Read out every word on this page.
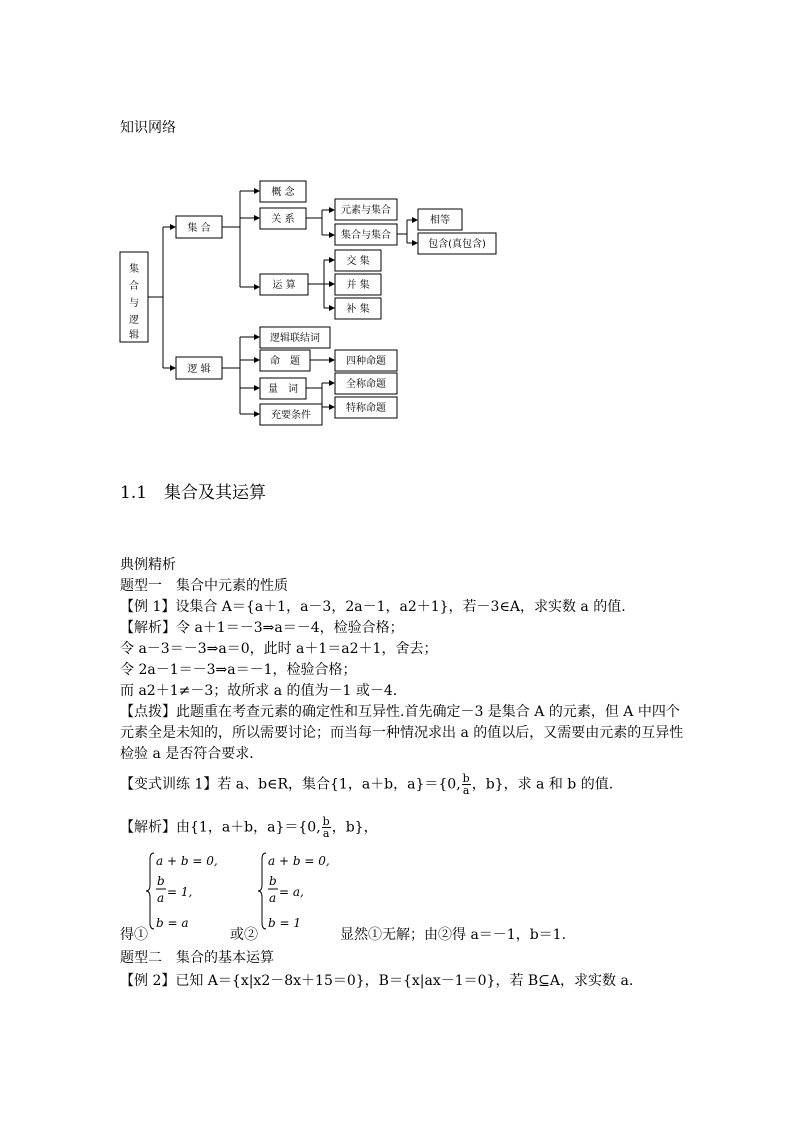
知识网络
集
合
与
逻
辑
集 合
概 念
关 系
元素与集合
集合与集合
相等
包含(真包含)
运 算
交 集
并 集
补 集
逻 辑
逻辑联结词
命　题	四种命题
量　词	全称命题
特称命题
充要条件
1.1　集合及其运算
典例精析
题型一　集合中元素的性质
【例 1】设集合 A＝{a＋1，a－3，2a－1，a2＋1}，若－3∈A，求实数 a 的值.
【解析】令 a＋1＝－3⇒a＝－4，检验合格；
令 a－3＝－3⇒a＝0，此时 a＋1＝a2＋1，舍去；
令 2a－1＝－3⇒a＝－1，检验合格；
而 a2＋1≠－3；故所求 a 的值为－1 或－4.
【点拨】此题重在考查元素的确定性和互异性.首先确定－3 是集合 A 的元素，但 A 中四个
元素全是未知的，所以需要讨论；而当每一种情况求出 a 的值以后，又需要由元素的互异性
检验 a 是否符合要求.
【变式训练 1】若 a、b∈R，集合{1，a＋b，a}＝{0, $\frac{b}{a}$ ，b}，求 a 和 b 的值.
【解析】由{1，a＋b，a}＝{0, $\frac{b}{a}$ ，b}，
a + b = 0,
b
a = 1,
b = a
a + b = 0,
b
a = a,
b = 1
得①	或②	显然①无解；由②得 a＝－1，b＝1.
题型二　集合的基本运算
【例 2】已知 A＝{x|x2－8x＋15＝0}，B＝{x|ax－1＝0}，若 B⊆A，求实数 a.
